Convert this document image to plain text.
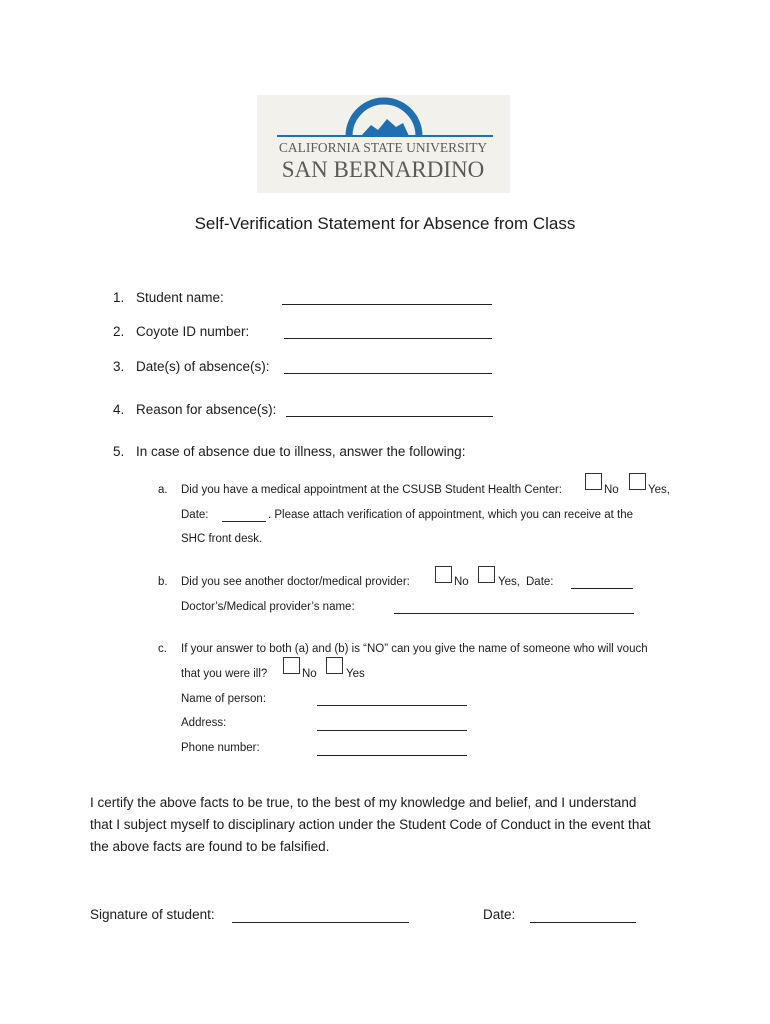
CALIFORNIA STATE UNIVERSITY
SAN BERNARDINO
Self-Verification Statement for Absence from Class
1. Student name:
2. Coyote ID number:
3. Date(s) of absence(s):
4. Reason for absence(s):
5. In case of absence due to illness, answer the following:
a. Did you have a medical appointment at the CSUSB Student Health Center:	No	Yes,
Date:	. Please attach verification of appointment, which you can receive at the
SHC front desk.
b. Did you see another doctor/medical provider:	No	Yes, Date:
Doctor’s/Medical provider’s name:
c. If your answer to both (a) and (b) is “NO” can you give the name of someone who will vouch
that you were ill?	No	Yes
Name of person:
Address:
Phone number:
I certify the above facts to be true, to the best of my knowledge and belief, and I understand
that I subject myself to disciplinary action under the Student Code of Conduct in the event that
the above facts are found to be falsified.
Signature of student:	Date:
